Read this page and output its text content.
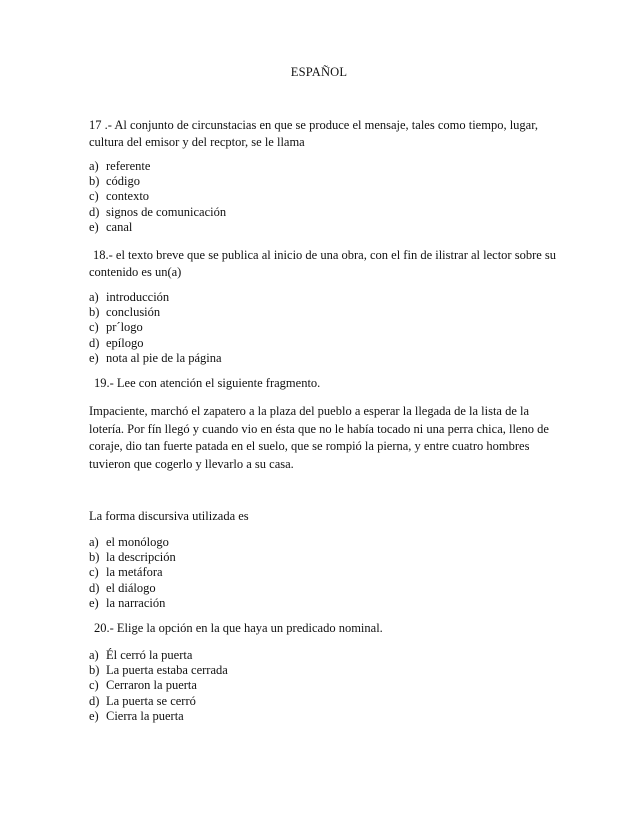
ESPAÑOL

17 .- Al conjunto de circunstacias en que se produce el mensaje, tales como tiempo, lugar, cultura del emisor y del recptor, se le llama

a) referente
b) código
c) contexto
d) signos de comunicación
e) canal

18.- el texto breve que se publica al inicio de una obra, con el fin de ilistrar al lector sobre su contenido es un(a)

a) introducción
b) conclusión
c) pr´logo
d) epílogo
e) nota al pie de la página

19.- Lee con atención el siguiente fragmento.

Impaciente, marchó el zapatero a la plaza del pueblo a esperar la llegada de la lista de la lotería. Por fín llegó y cuando vio en ésta que no le había tocado ni una perra chica, lleno de coraje, dio tan fuerte patada en el suelo, que se rompió la pierna, y entre cuatro hombres tuvieron que cogerlo y llevarlo a su casa.

La forma discursiva utilizada es

a) el monólogo
b) la descripción
c) la metáfora
d) el diálogo
e) la narración

20.- Elige la opción en la que haya un predicado nominal.

a) Él cerró la puerta
b) La puerta estaba cerrada
c) Cerraron la puerta
d) La puerta se cerró
e) Cierra la puerta
